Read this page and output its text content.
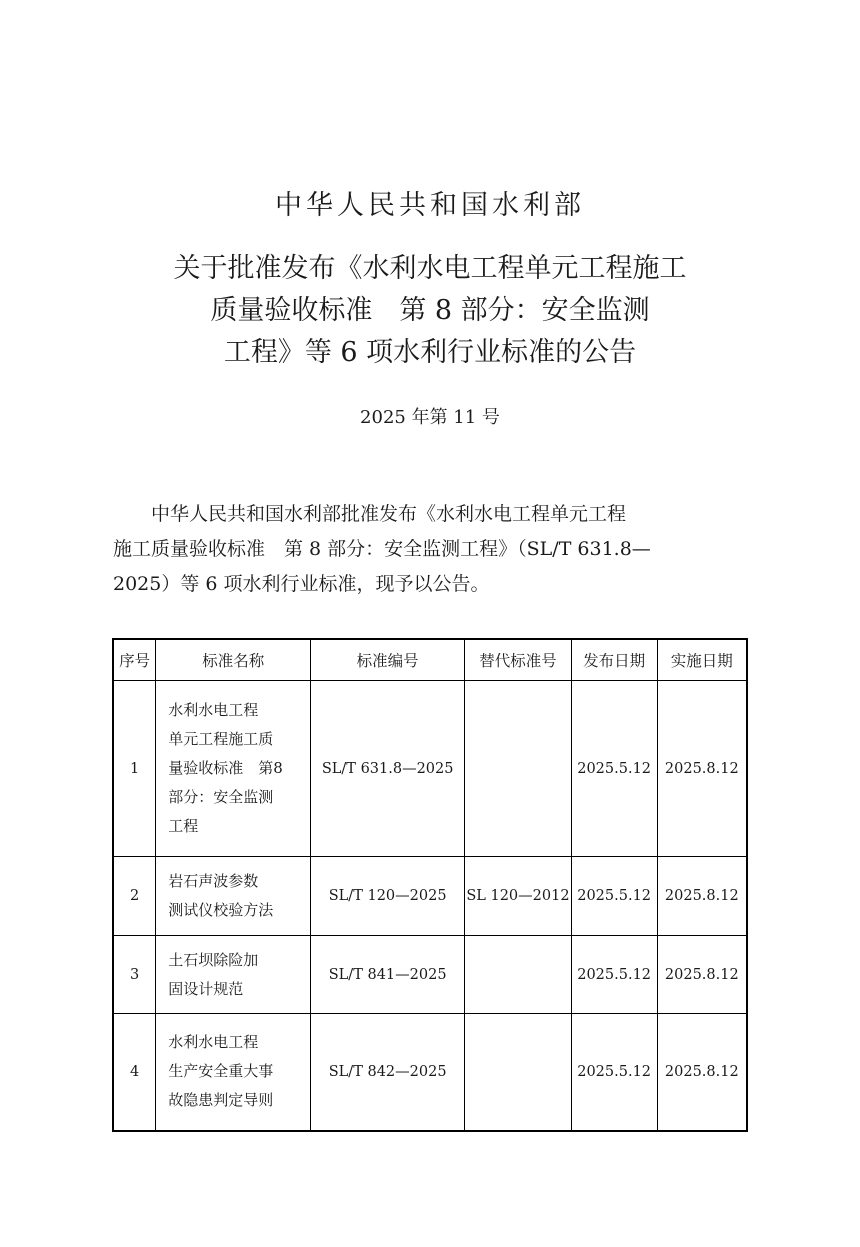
中华人民共和国水利部
关于批准发布《水利水电工程单元工程施工
质量验收标准　第 8 部分：安全监测
工程》等 6 项水利行业标准的公告
2025 年第 11 号
　　中华人民共和国水利部批准发布《水利水电工程单元工程
施工质量验收标准　第 8 部分：安全监测工程》（SL/T 631.8—
2025）等 6 项水利行业标准，现予以公告。
序号	标准名称	标准编号	替代标准号	发布日期	实施日期
1	水利水电工程
单元工程施工质
量验收标准　第8
部分：安全监测
工程	SL/T 631.8—2025		2025.5.12	2025.8.12
2	岩石声波参数
测试仪校验方法	SL/T 120—2025	SL 120—2012	2025.5.12	2025.8.12
3	土石坝除险加
固设计规范	SL/T 841—2025		2025.5.12	2025.8.12
4	水利水电工程
生产安全重大事
故隐患判定导则	SL/T 842—2025		2025.5.12	2025.8.12
